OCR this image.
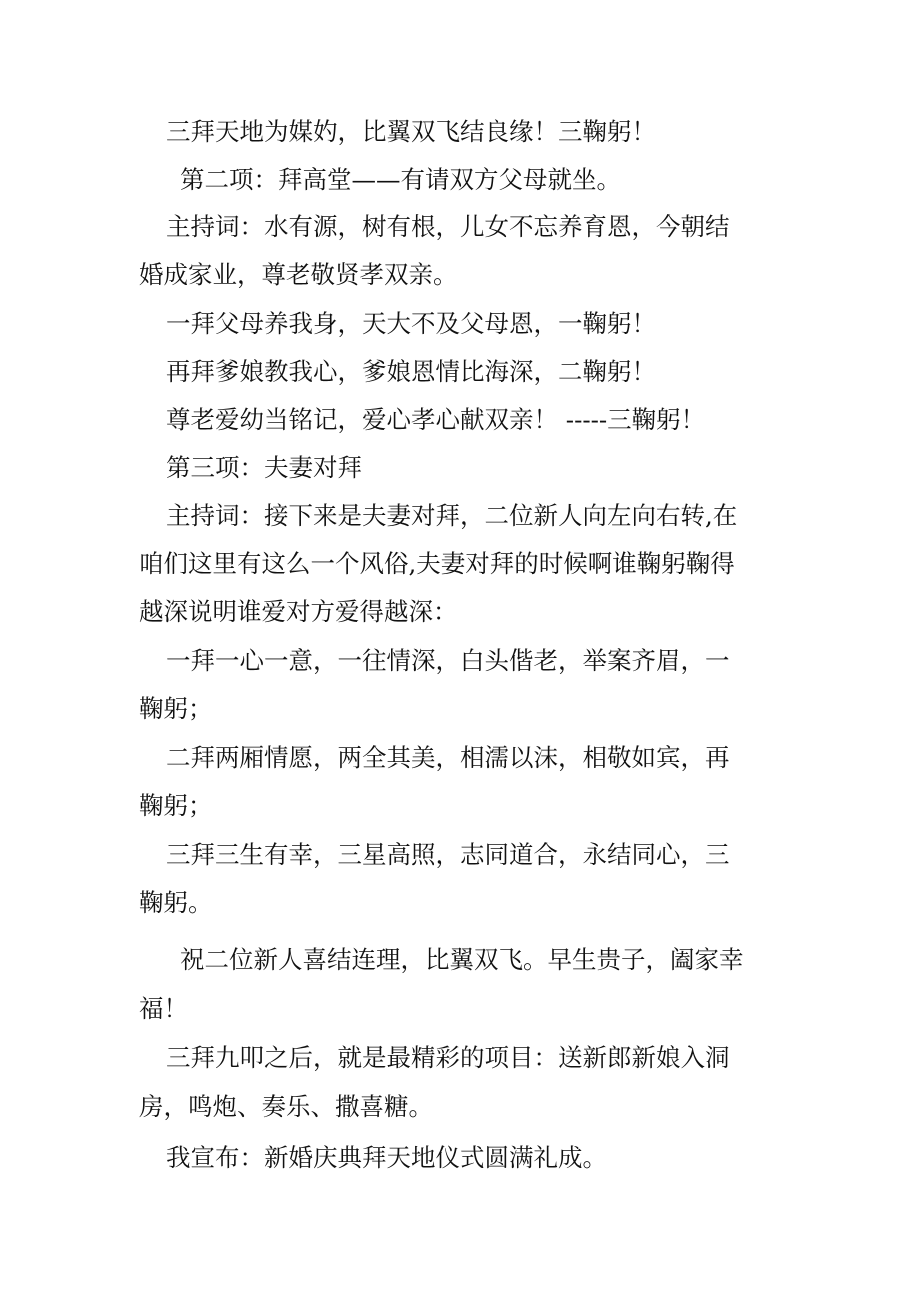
三拜天地为媒妁，比翼双飞结良缘！三鞠躬！
第二项：拜高堂——有请双方父母就坐。
主持词：水有源，树有根，儿女不忘养育恩，今朝结
婚成家业，尊老敬贤孝双亲。
一拜父母养我身，天大不及父母恩，一鞠躬！
再拜爹娘教我心，爹娘恩情比海深，二鞠躬！
尊老爱幼当铭记，爱心孝心献双亲！ -----三鞠躬！
第三项：夫妻对拜
主持词：接下来是夫妻对拜，二位新人向左向右转,在
咱们这里有这么一个风俗,夫妻对拜的时候啊谁鞠躬鞠得
越深说明谁爱对方爱得越深：
一拜一心一意，一往情深，白头偕老，举案齐眉，一
鞠躬；
二拜两厢情愿，两全其美，相濡以沫，相敬如宾，再
鞠躬；
三拜三生有幸，三星高照，志同道合，永结同心，三
鞠躬。
祝二位新人喜结连理，比翼双飞。早生贵子，阖家幸
福！
三拜九叩之后，就是最精彩的项目：送新郎新娘入洞
房，鸣炮、奏乐、撒喜糖。
我宣布：新婚庆典拜天地仪式圆满礼成。
